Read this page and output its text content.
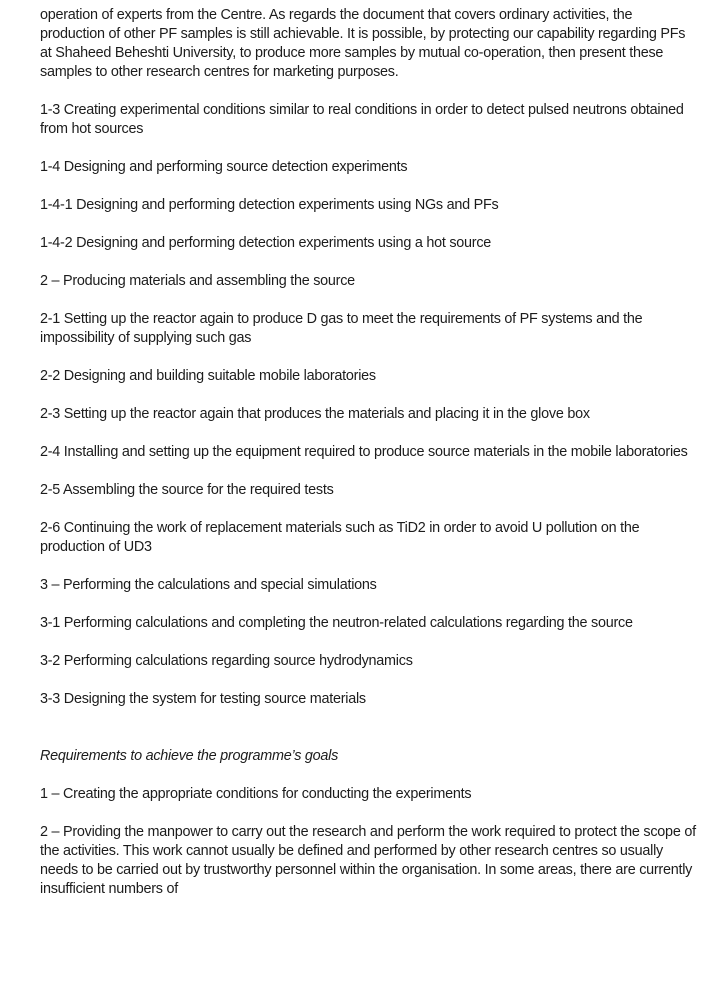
operation of experts from the Centre. As regards the document that covers ordinary activities, the production of other PF samples is still achievable. It is possible, by protecting our capability regarding PFs at Shaheed Beheshti University, to produce more samples by mutual co-operation, then present these samples to other research centres for marketing purposes.

1-3 Creating experimental conditions similar to real conditions in order to detect pulsed neutrons obtained from hot sources

1-4 Designing and performing source detection experiments

1-4-1 Designing and performing detection experiments using NGs and PFs

1-4-2 Designing and performing detection experiments using a hot source

2 – Producing materials and assembling the source

2-1 Setting up the reactor again to produce D gas to meet the requirements of PF systems and the impossibility of supplying such gas

2-2 Designing and building suitable mobile laboratories

2-3 Setting up the reactor again that produces the materials and placing it in the glove box

2-4 Installing and setting up the equipment required to produce source materials in the mobile laboratories

2-5 Assembling the source for the required tests

2-6 Continuing the work of replacement materials such as TiD2 in order to avoid U pollution on the production of UD3

3 – Performing the calculations and special simulations

3-1 Performing calculations and completing the neutron-related calculations regarding the source

3-2 Performing calculations regarding source hydrodynamics

3-3 Designing the system for testing source materials

Requirements to achieve the programme’s goals

1 – Creating the appropriate conditions for conducting the experiments

2 – Providing the manpower to carry out the research and perform the work required to protect the scope of the activities. This work cannot usually be defined and performed by other research centres so usually needs to be carried out by trustworthy personnel within the organisation. In some areas, there are currently insufficient numbers of
